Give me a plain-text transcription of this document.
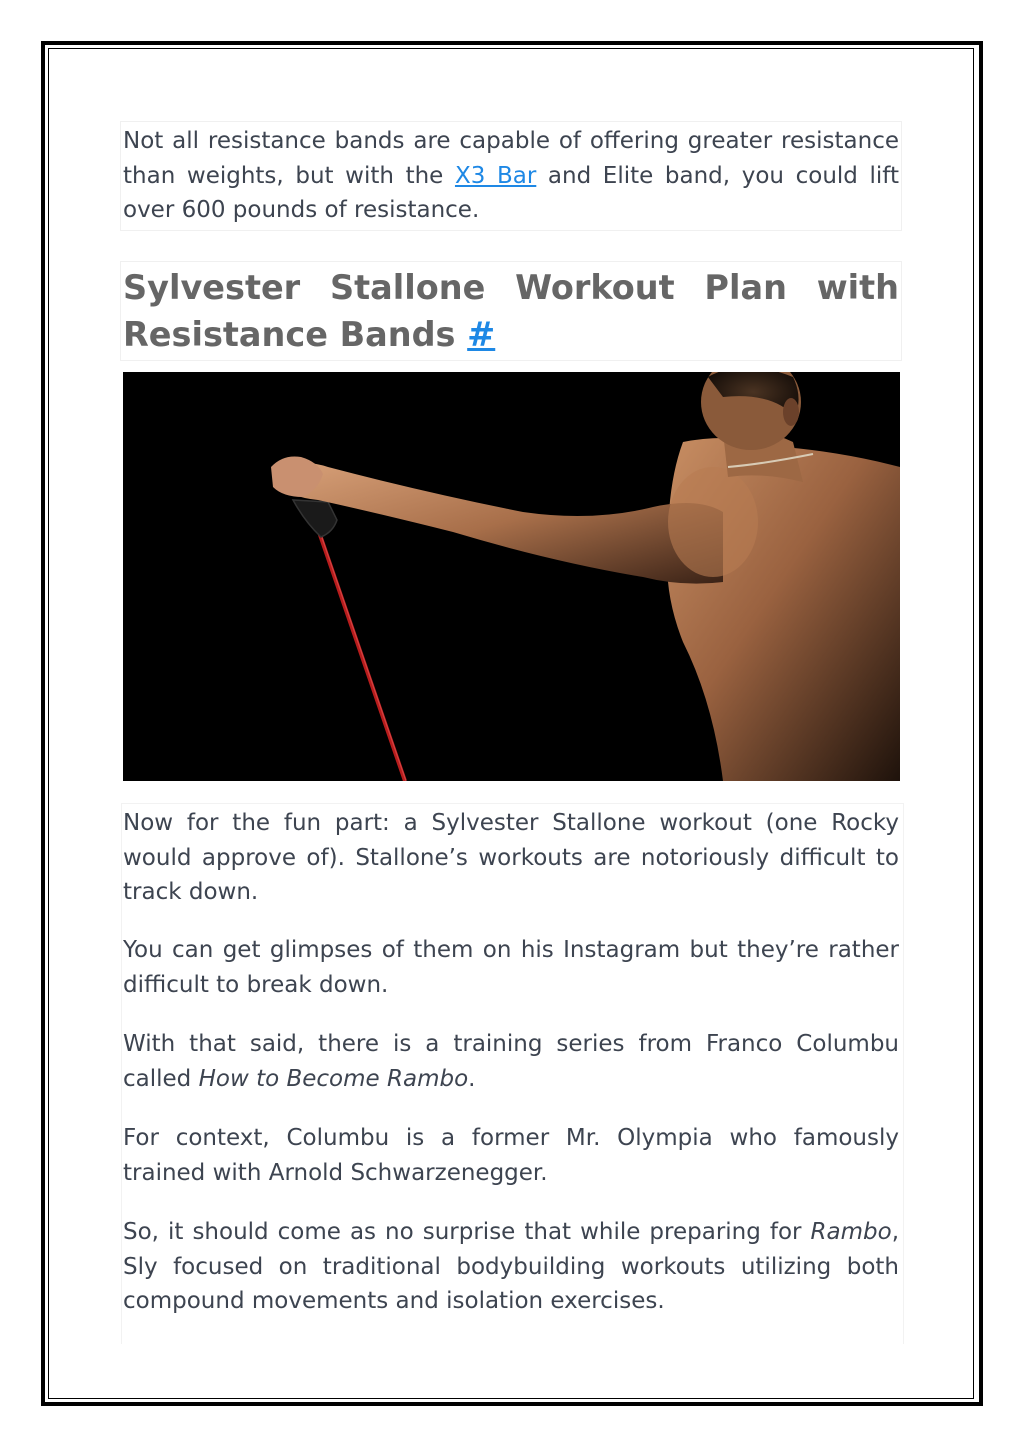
Not all resistance bands are capable of offering greater resistance than weights, but with the X3 Bar and Elite band, you could lift over 600 pounds of resistance.

Sylvester Stallone Workout Plan with Resistance Bands #

Now for the fun part: a Sylvester Stallone workout (one Rocky would approve of). Stallone’s workouts are notoriously difficult to track down.

You can get glimpses of them on his Instagram but they’re rather difficult to break down.

With that said, there is a training series from Franco Columbu called How to Become Rambo.

For context, Columbu is a former Mr. Olympia who famously trained with Arnold Schwarzenegger.

So, it should come as no surprise that while preparing for Rambo, Sly focused on traditional bodybuilding workouts utilizing both compound movements and isolation exercises.
